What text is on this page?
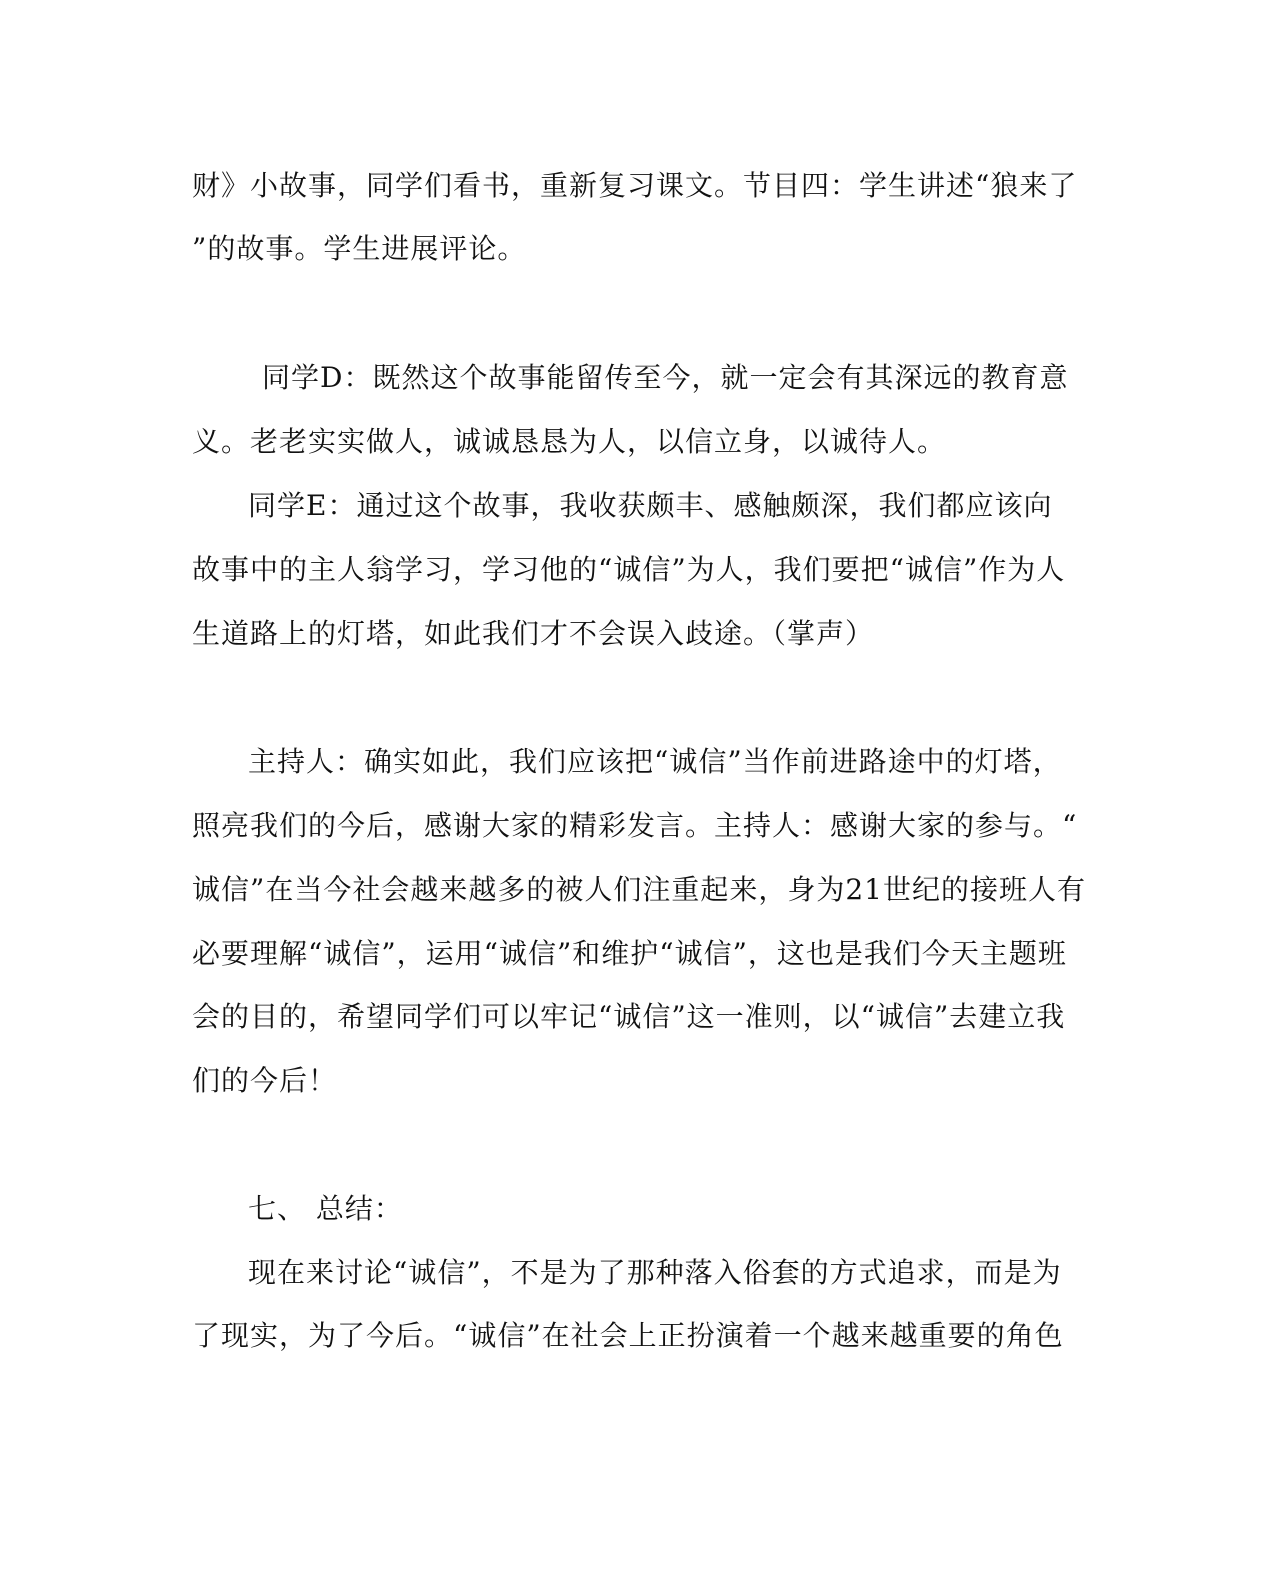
财》小故事，同学们看书，重新复习课文。节目四：学生讲述“狼来了
”的故事。学生进展评论。
同学D：既然这个故事能留传至今，就一定会有其深远的教育意
义。老老实实做人，诚诚恳恳为人，以信立身，以诚待人。
同学E：通过这个故事，我收获颇丰、感触颇深，我们都应该向
故事中的主人翁学习，学习他的“诚信”为人，我们要把“诚信”作为人
生道路上的灯塔，如此我们才不会误入歧途。（掌声）
主持人：确实如此，我们应该把“诚信”当作前进路途中的灯塔，
照亮我们的今后，感谢大家的精彩发言。主持人：感谢大家的参与。“
诚信”在当今社会越来越多的被人们注重起来，身为21世纪的接班人有
必要理解“诚信”，运用“诚信”和维护“诚信”，这也是我们今天主题班
会的目的，希望同学们可以牢记“诚信”这一准则，以“诚信”去建立我
们的今后！
七、 总结：
现在来讨论“诚信”，不是为了那种落入俗套的方式追求，而是为
了现实，为了今后。“诚信”在社会上正扮演着一个越来越重要的角色
